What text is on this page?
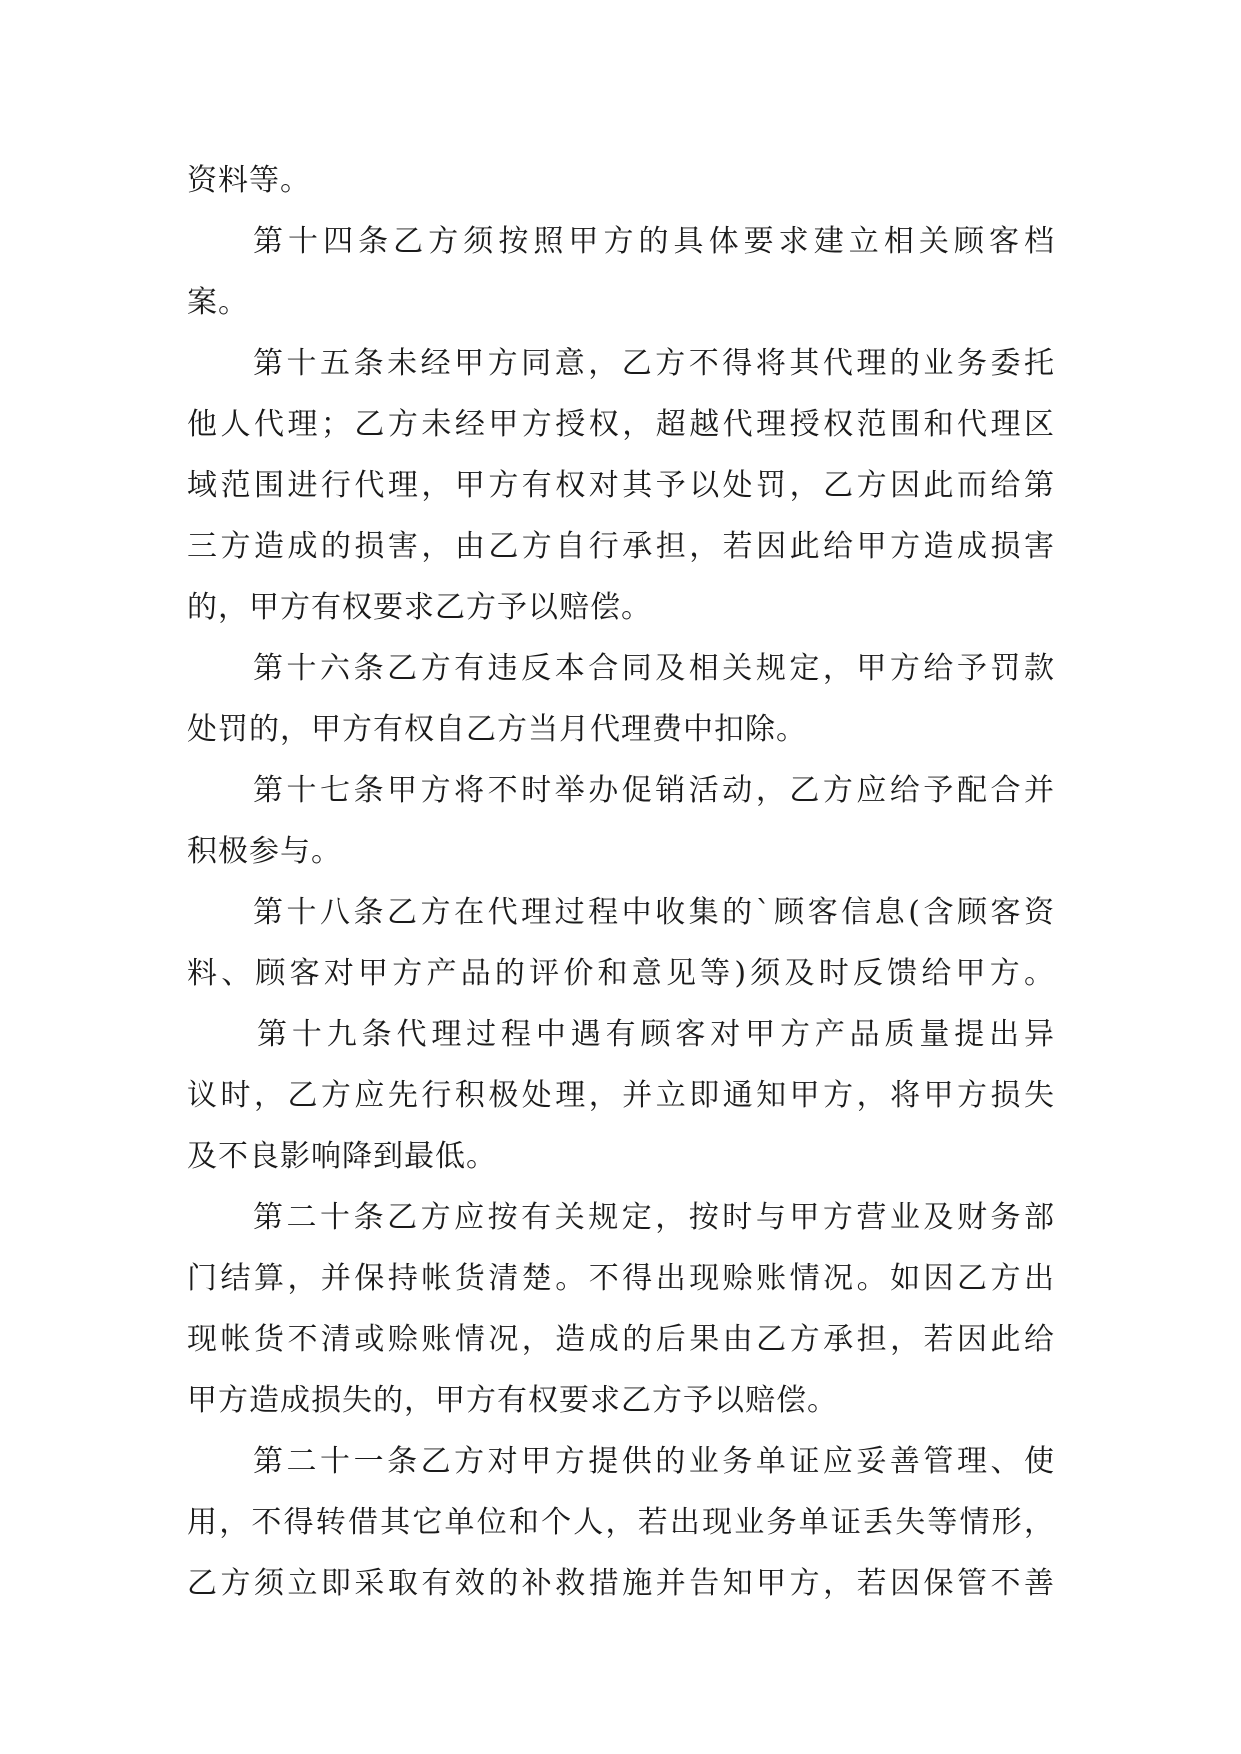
资料等。
第十四条乙方须按照甲方的具体要求建立相关顾客档
案。
第十五条未经甲方同意，乙方不得将其代理的业务委托
他人代理；乙方未经甲方授权，超越代理授权范围和代理区
域范围进行代理，甲方有权对其予以处罚，乙方因此而给第
三方造成的损害，由乙方自行承担，若因此给甲方造成损害
的，甲方有权要求乙方予以赔偿。
第十六条乙方有违反本合同及相关规定，甲方给予罚款
处罚的，甲方有权自乙方当月代理费中扣除。
第十七条甲方将不时举办促销活动，乙方应给予配合并
积极参与。
第十八条乙方在代理过程中收集的`顾客信息(含顾客资
料、顾客对甲方产品的评价和意见等)须及时反馈给甲方。
第十九条代理过程中遇有顾客对甲方产品质量提出异
议时，乙方应先行积极处理，并立即通知甲方，将甲方损失
及不良影响降到最低。
第二十条乙方应按有关规定，按时与甲方营业及财务部
门结算，并保持帐货清楚。不得出现赊账情况。如因乙方出
现帐货不清或赊账情况，造成的后果由乙方承担，若因此给
甲方造成损失的，甲方有权要求乙方予以赔偿。
第二十一条乙方对甲方提供的业务单证应妥善管理、使
用，不得转借其它单位和个人，若出现业务单证丢失等情形，
乙方须立即采取有效的补救措施并告知甲方，若因保管不善
